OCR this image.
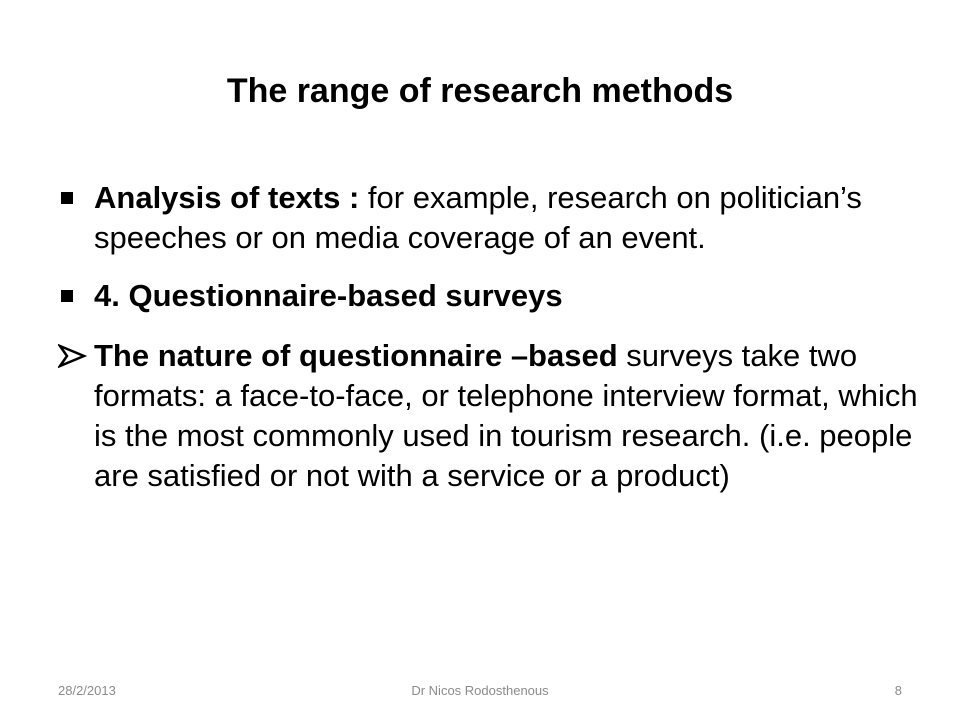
The range of research methods
Analysis of texts : for example, research on politician’s speeches or on media coverage of an event.
4. Questionnaire-based surveys
The nature of questionnaire –based surveys take two formats: a face-to-face, or telephone interview format, which is the most commonly used in tourism research. (i.e. people are satisfied or not with a service or a product)
28/2/2013	Dr Nicos Rodosthenous	8
